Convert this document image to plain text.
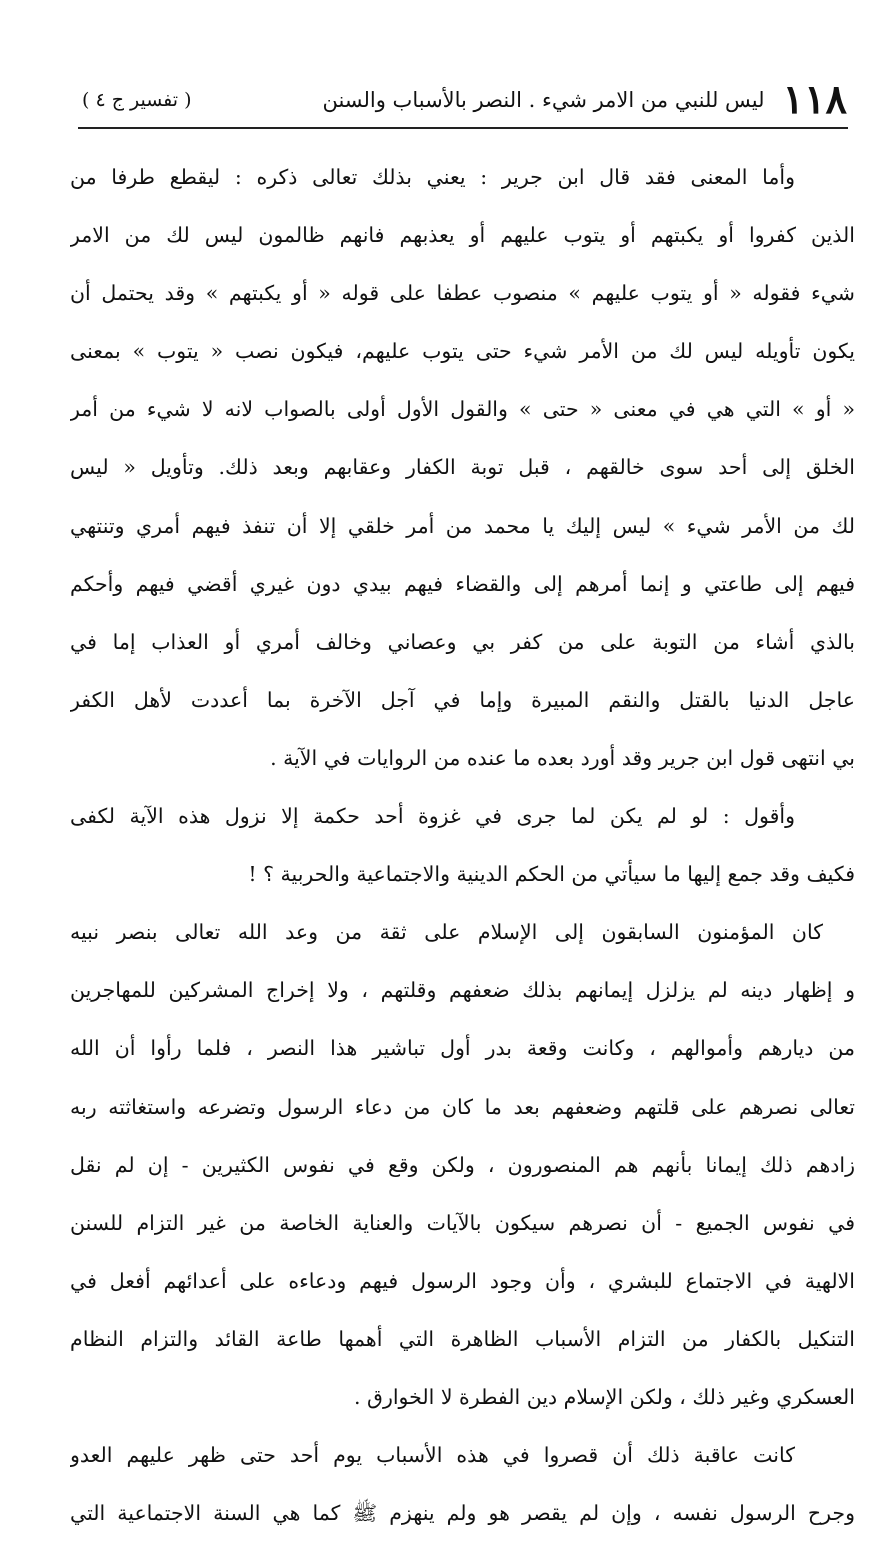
١١٨
ليس للنبي من الامر شيء . النصر بالأسباب والسنن
( تفسير ج ٤ )
وأما المعنى فقد قال ابن جرير : يعني بذلك تعالى ذكره : ليقطع طرفا من
الذين كفروا أو يكبتهم أو يتوب عليهم أو يعذبهم فانهم ظالمون ليس لك من الامر
شيء فقوله « أو يتوب عليهم » منصوب عطفا على قوله « أو يكبتهم » وقد يحتمل أن
يكون تأويله ليس لك من الأمر شيء حتى يتوب عليهم، فيكون نصب « يتوب » بمعنى
« أو » التي هي في معنى « حتى » والقول الأول أولى بالصواب لانه لا شيء من أمر
الخلق إلى أحد سوى خالقهم ، قبل توبة الكفار وعقابهم وبعد ذلك. وتأويل « ليس
لك من الأمر شيء » ليس إليك يا محمد من أمر خلقي إلا أن تنفذ فيهم أمري وتنتهي
فيهم إلى طاعتي و إنما أمرهم إلى والقضاء فيهم بيدي دون غيري أقضي فيهم وأحكم
بالذي أشاء من التوبة على من كفر بي وعصاني وخالف أمري أو العذاب إما في
عاجل الدنيا بالقتل والنقم المبيرة وإما في آجل الآخرة بما أعددت لأهل الكفر
بي انتهى قول ابن جرير وقد أورد بعده ما عنده من الروايات في الآية .
وأقول : لو لم يكن لما جرى في غزوة أحد حكمة إلا نزول هذه الآية لكفى
فكيف وقد جمع إليها ما سيأتي من الحكم الدينية والاجتماعية والحربية ؟ !
كان المؤمنون السابقون إلى الإسلام على ثقة من وعد الله تعالى بنصر نبيه
و إظهار دينه لم يزلزل إيمانهم بذلك ضعفهم وقلتهم ، ولا إخراج المشركين للمهاجرين
من ديارهم وأموالهم ، وكانت وقعة بدر أول تباشير هذا النصر ، فلما رأوا أن الله
تعالى نصرهم على قلتهم وضعفهم بعد ما كان من دعاء الرسول وتضرعه واستغاثته ربه
زادهم ذلك إيمانا بأنهم هم المنصورون ، ولكن وقع في نفوس الكثيرين - إن لم نقل
في نفوس الجميع - أن نصرهم سيكون بالآيات والعناية الخاصة من غير التزام للسنن
الالهية في الاجتماع للبشري ، وأن وجود الرسول فيهم ودعاءه على أعدائهم أفعل في
التنكيل بالكفار من التزام الأسباب الظاهرة التي أهمها طاعة القائد والتزام النظام
العسكري وغير ذلك ، ولكن الإسلام دين الفطرة لا الخوارق .
كانت عاقبة ذلك أن قصروا في هذه الأسباب يوم أحد حتى ظهر عليهم العدو
وجرح الرسول نفسه ، وإن لم يقصر هو ولم ينهزم ﷺ كما هي السنة الاجتماعية التي
